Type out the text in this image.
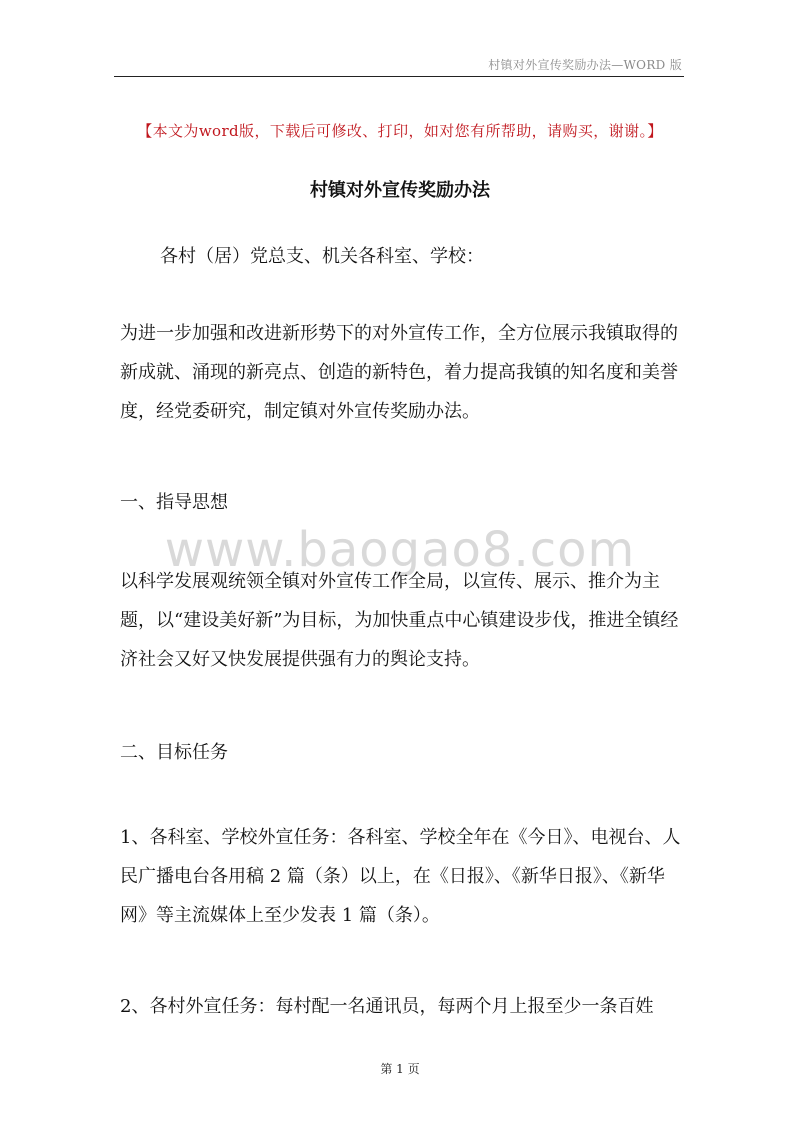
村镇对外宣传奖励办法—WORD 版
【本文为word版，下载后可修改、打印，如对您有所帮助，请购买，谢谢。】
村镇对外宣传奖励办法

各村（居）党总支、机关各科室、学校：

为进一步加强和改进新形势下的对外宣传工作，全方位展示我镇取得的新成就、涌现的新亮点、创造的新特色，着力提高我镇的知名度和美誉度，经党委研究，制定镇对外宣传奖励办法。

一、指导思想

www.baogao8.com

以科学发展观统领全镇对外宣传工作全局，以宣传、展示、推介为主题，以“建设美好新”为目标，为加快重点中心镇建设步伐，推进全镇经济社会又好又快发展提供强有力的舆论支持。

二、目标任务

1、各科室、学校外宣任务：各科室、学校全年在《今日》、电视台、人民广播电台各用稿 2 篇（条）以上，在《日报》、《新华日报》、《新华网》等主流媒体上至少发表 1 篇（条）。

2、各村外宣任务：每村配一名通讯员，每两个月上报至少一条百姓

第 1 页
